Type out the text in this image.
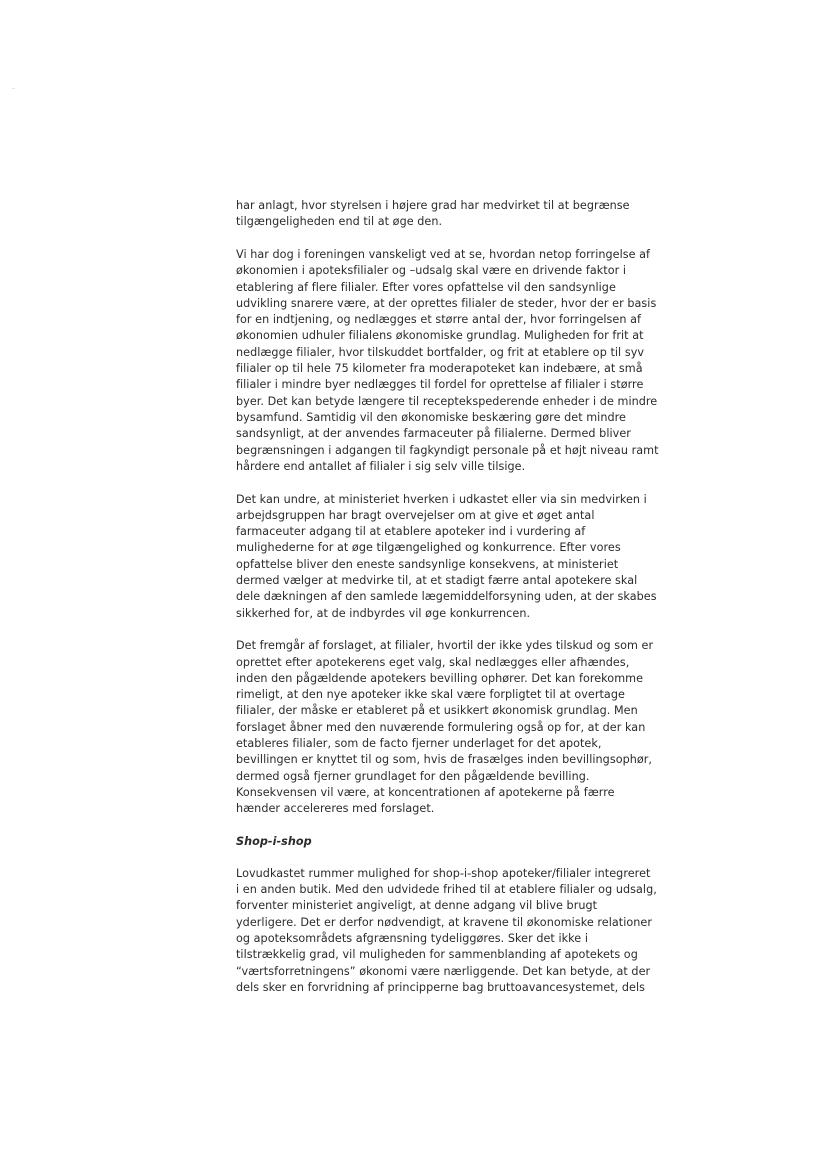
har anlagt, hvor styrelsen i højere grad har medvirket til at begrænse
tilgængeligheden end til at øge den.

Vi har dog i foreningen vanskeligt ved at se, hvordan netop forringelse af
økonomien i apoteksfilialer og –udsalg skal være en drivende faktor i
etablering af flere filialer. Efter vores opfattelse vil den sandsynlige
udvikling snarere være, at der oprettes filialer de steder, hvor der er basis
for en indtjening, og nedlægges et større antal der, hvor forringelsen af
økonomien udhuler filialens økonomiske grundlag. Muligheden for frit at
nedlægge filialer, hvor tilskuddet bortfalder, og frit at etablere op til syv
filialer op til hele 75 kilometer fra moderapoteket kan indebære, at små
filialer i mindre byer nedlægges til fordel for oprettelse af filialer i større
byer. Det kan betyde længere til receptekspederende enheder i de mindre
bysamfund. Samtidig vil den økonomiske beskæring gøre det mindre
sandsynligt, at der anvendes farmaceuter på filialerne. Dermed bliver
begrænsningen i adgangen til fagkyndigt personale på et højt niveau ramt
hårdere end antallet af filialer i sig selv ville tilsige.

Det kan undre, at ministeriet hverken i udkastet eller via sin medvirken i
arbejdsgruppen har bragt overvejelser om at give et øget antal
farmaceuter adgang til at etablere apoteker ind i vurdering af
mulighederne for at øge tilgængelighed og konkurrence. Efter vores
opfattelse bliver den eneste sandsynlige konsekvens, at ministeriet
dermed vælger at medvirke til, at et stadigt færre antal apotekere skal
dele dækningen af den samlede lægemiddelforsyning uden, at der skabes
sikkerhed for, at de indbyrdes vil øge konkurrencen.

Det fremgår af forslaget, at filialer, hvortil der ikke ydes tilskud og som er
oprettet efter apotekerens eget valg, skal nedlægges eller afhændes,
inden den pågældende apotekers bevilling ophører. Det kan forekomme
rimeligt, at den nye apoteker ikke skal være forpligtet til at overtage
filialer, der måske er etableret på et usikkert økonomisk grundlag. Men
forslaget åbner med den nuværende formulering også op for, at der kan
etableres filialer, som de facto fjerner underlaget for det apotek,
bevillingen er knyttet til og som, hvis de frasælges inden bevillingsophør,
dermed også fjerner grundlaget for den pågældende bevilling.
Konsekvensen vil være, at koncentrationen af apotekerne på færre
hænder accelereres med forslaget.

Shop-i-shop

Lovudkastet rummer mulighed for shop-i-shop apoteker/filialer integreret
i en anden butik. Med den udvidede frihed til at etablere filialer og udsalg,
forventer ministeriet angiveligt, at denne adgang vil blive brugt
yderligere. Det er derfor nødvendigt, at kravene til økonomiske relationer
og apoteksområdets afgrænsning tydeliggøres. Sker det ikke i
tilstrækkelig grad, vil muligheden for sammenblanding af apotekets og
“værtsforretningens” økonomi være nærliggende. Det kan betyde, at der
dels sker en forvridning af principperne bag bruttoavancesystemet, dels
